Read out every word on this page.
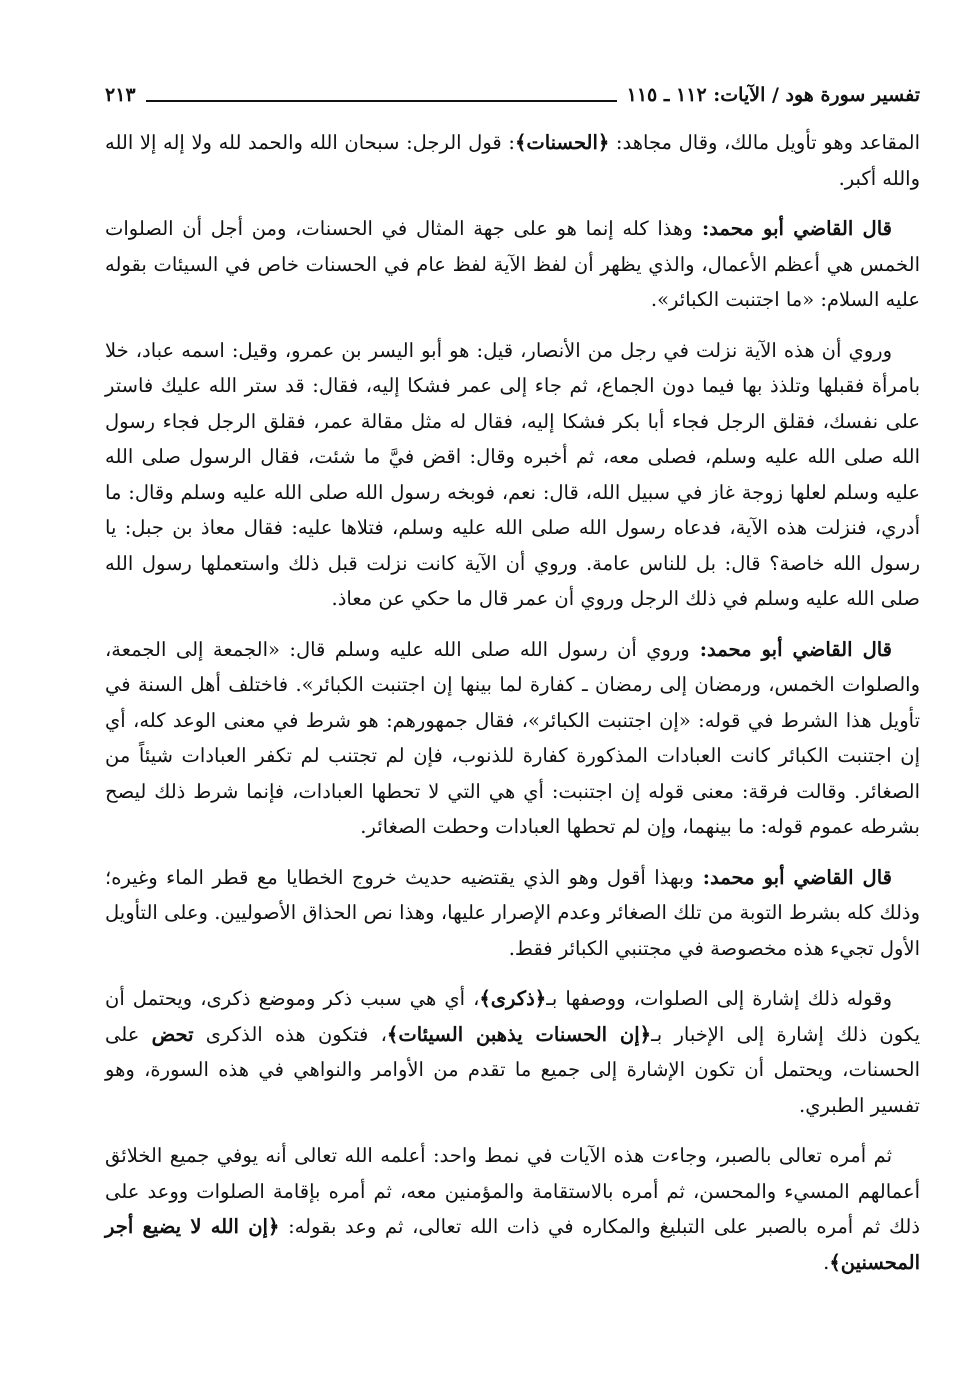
تفسير سورة هود / الآيات: ١١٢ ـ ١١٥
٢١٣

المقاعد وهو تأويل مالك، وقال مجاهد: ﴿الحسنات﴾: قول الرجل: سبحان الله والحمد لله ولا إله إلا الله والله أكبر.

قال القاضي أبو محمد: وهذا كله إنما هو على جهة المثال في الحسنات، ومن أجل أن الصلوات الخمس هي أعظم الأعمال، والذي يظهر أن لفظ الآية لفظ عام في الحسنات خاص في السيئات بقوله عليه السلام: «ما اجتنبت الكبائر».

وروي أن هذه الآية نزلت في رجل من الأنصار، قيل: هو أبو اليسر بن عمرو، وقيل: اسمه عباد، خلا بامرأة فقبلها وتلذذ بها فيما دون الجماع، ثم جاء إلى عمر فشكا إليه، فقال: قد ستر الله عليك فاستر على نفسك، فقلق الرجل فجاء أبا بكر فشكا إليه، فقال له مثل مقالة عمر، فقلق الرجل فجاء رسول الله صلى الله عليه وسلم، فصلى معه، ثم أخبره وقال: اقض فيَّ ما شئت، فقال الرسول صلى الله عليه وسلم لعلها زوجة غاز في سبيل الله، قال: نعم، فوبخه رسول الله صلى الله عليه وسلم وقال: ما أدري، فنزلت هذه الآية، فدعاه رسول الله صلى الله عليه وسلم، فتلاها عليه: فقال معاذ بن جبل: يا رسول الله خاصة؟ قال: بل للناس عامة. وروي أن الآية كانت نزلت قبل ذلك واستعملها رسول الله صلى الله عليه وسلم في ذلك الرجل وروي أن عمر قال ما حكي عن معاذ.

قال القاضي أبو محمد: وروي أن رسول الله صلى الله عليه وسلم قال: «الجمعة إلى الجمعة، والصلوات الخمس، ورمضان إلى رمضان ـ كفارة لما بينها إن اجتنبت الكبائر». فاختلف أهل السنة في تأويل هذا الشرط في قوله: «إن اجتنبت الكبائر»، فقال جمهورهم: هو شرط في معنى الوعد كله، أي إن اجتنبت الكبائر كانت العبادات المذكورة كفارة للذنوب، فإن لم تجتنب لم تكفر العبادات شيئاً من الصغائر. وقالت فرقة: معنى قوله إن اجتنبت: أي هي التي لا تحطها العبادات، فإنما شرط ذلك ليصح بشرطه عموم قوله: ما بينهما، وإن لم تحطها العبادات وحطت الصغائر.

قال القاضي أبو محمد: وبهذا أقول وهو الذي يقتضيه حديث خروج الخطايا مع قطر الماء وغيره؛ وذلك كله بشرط التوبة من تلك الصغائر وعدم الإصرار عليها، وهذا نص الحذاق الأصوليين. وعلى التأويل الأول تجيء هذه مخصوصة في مجتنبي الكبائر فقط.

وقوله ذلك إشارة إلى الصلوات، ووصفها بـ﴿ذكرى﴾، أي هي سبب ذكر وموضع ذكرى، ويحتمل أن يكون ذلك إشارة إلى الإخبار بـ﴿إن الحسنات يذهبن السيئات﴾، فتكون هذه الذكرى تحض على الحسنات، ويحتمل أن تكون الإشارة إلى جميع ما تقدم من الأوامر والنواهي في هذه السورة، وهو تفسير الطبري.

ثم أمره تعالى بالصبر، وجاءت هذه الآيات في نمط واحد: أعلمه الله تعالى أنه يوفي جميع الخلائق أعمالهم المسيء والمحسن، ثم أمره بالاستقامة والمؤمنين معه، ثم أمره بإقامة الصلوات ووعد على ذلك ثم أمره بالصبر على التبليغ والمكاره في ذات الله تعالى، ثم وعد بقوله: ﴿إن الله لا يضيع أجر المحسنين﴾.
